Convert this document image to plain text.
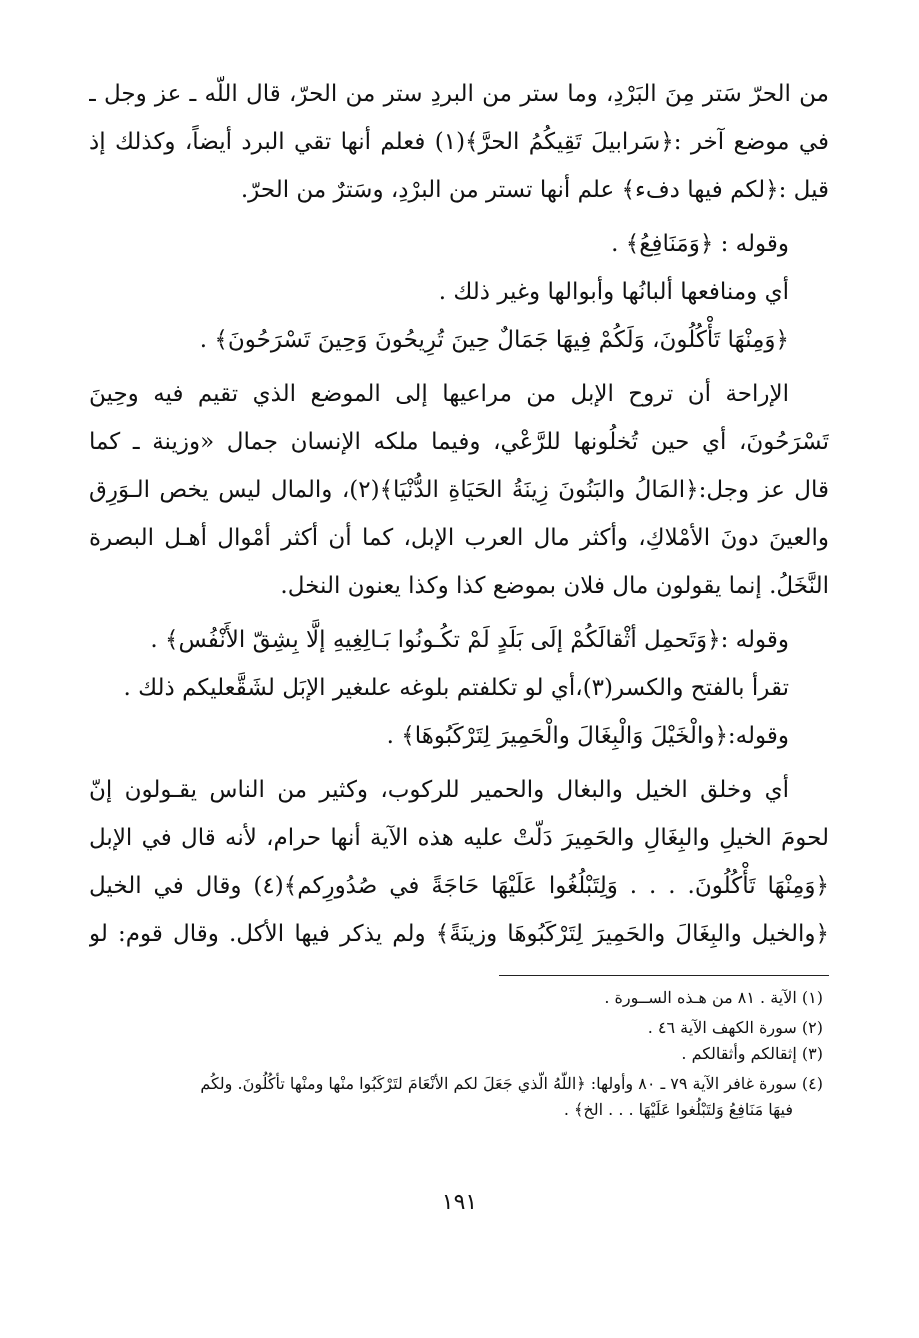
من الحرّ سَتر مِنَ البَرْدِ، وما ستر من البردِ ستر من الحرّ، قال اللّه ـ عز وجل ـ
في موضع آخر :﴿سَرابيلَ تَقِيكُمُ الحرَّ﴾(١) فعلم أنها تقي البرد أيضاً، وكذلك إذ
قيل :﴿لكم فيها دفء﴾ علم أنها تستر من البرْدِ، وسَترٌ من الحرّ.
وقوله : ﴿وَمَنَافِعُ﴾ .
أي ومنافعها ألبانُها وأبوالها وغير ذلك .
﴿وَمِنْهَا تَأْكُلُونَ، وَلَكُمْ فِيهَا جَمَالٌ حِينَ تُرِيحُونَ وَحِينَ تَسْرَحُونَ﴾ .
الإراحة أن تروح الإبل من مراعيها إلى الموضع الذي تقيم فيه وحِينَ
تَسْرَحُونَ، أي حين تُخلُونها للرَّعْي، وفيما ملكه الإنسان جمال «وزينة ـ كما
قال عز وجل:﴿المَالُ والبَنُونَ زِينَةُ الحَيَاةِ الدُّنْيَا﴾(٢)، والمال ليس يخص الـوَرِق
والعينَ دونَ الأمْلاكِ، وأكثر مال العرب الإبل، كما أن أكثر أمْوال أهـل البصرة
النَّخَلُ. إنما يقولون مال فلان بموضع كذا وكذا يعنون النخل.
وقوله :﴿وَتَحمِل أثْقالَكُمْ إلَى بَلَدٍ لَمْ تكُـونُوا بَـالِغِيهِ إلَّا بِشِقّ الأَنْفُس﴾ .
تقرأ بالفتح والكسر(٣)،أي لو تكلفتم بلوغه علىغير الإبَل لشَقَّعليكم ذلك .
وقوله:﴿والْخَيْلَ وَالْبِغَالَ والْحَمِيرَ لِتَرْكَبُوهَا﴾ .
أي وخلق الخيل والبغال والحمير للركوب، وكثير من الناس يقـولون إنّ
لحومَ الخيلِ والبِغَالِ والحَمِيرَ دَلّتْ عليه هذه الآية أنها حرام، لأنه قال في الإبل
﴿وَمِنْهَا تَأْكُلُونَ. . . . وَلِتَبْلُغُوا عَلَيْهَا حَاجَةً في صُدُورِكم﴾(٤) وقال في الخيل
﴿والخيل والبِغَالَ والحَمِيرَ لِتَرْكَبُوهَا وزينَةً﴾ ولم يذكر فيها الأكل. وقال قوم: لو
(١) الآية . ٨١ من هـذه الســورة .
(٢) سورة الكهف الآية ٤٦ .
(٣) إثقالكم وأثقالكم .
(٤) سورة غافر الآية ٧٩ ـ ٨٠ وأولها: ﴿اللّهُ الّذي جَعَلَ لكم الأنْعَامَ لتَرْكَبُوا منْها ومنْها تأكُلُونَ. ولكُم
فيهَا مَنَافِعُ وَلتَبْلُغوا عَلَيْهَا . . . الخ﴾ .
١٩١
